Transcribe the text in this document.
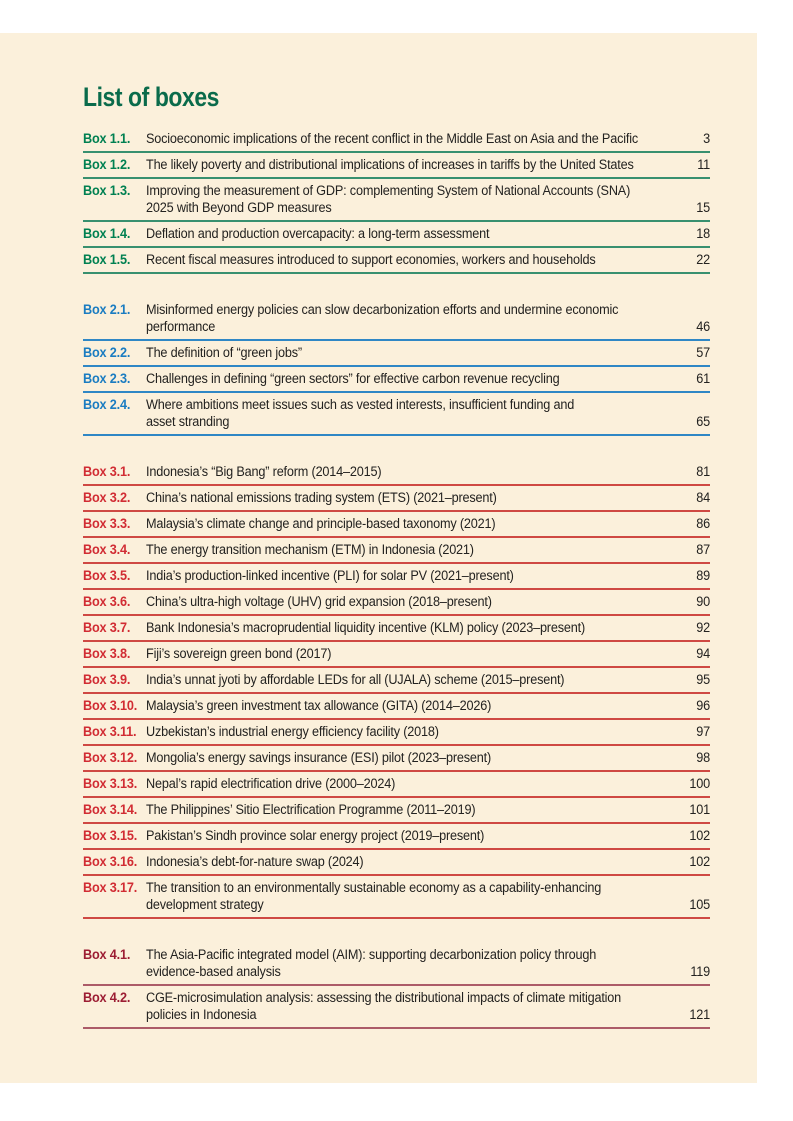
List of boxes
Box 1.1.	Socioeconomic implications of the recent conflict in the Middle East on Asia and the Pacific	3
Box 1.2.	The likely poverty and distributional implications of increases in tariffs by the United States	11
Box 1.3.	Improving the measurement of GDP: complementing System of National Accounts (SNA)
2025 with Beyond GDP measures	15
Box 1.4.	Deflation and production overcapacity: a long-term assessment	18
Box 1.5.	Recent fiscal measures introduced to support economies, workers and households	22
Box 2.1.	Misinformed energy policies can slow decarbonization efforts and undermine economic
performance	46
Box 2.2.	The definition of “green jobs”	57
Box 2.3.	Challenges in defining “green sectors” for effective carbon revenue recycling	61
Box 2.4.	Where ambitions meet issues such as vested interests, insufficient funding and
asset stranding	65
Box 3.1.	Indonesia’s “Big Bang” reform (2014–2015)	81
Box 3.2.	China’s national emissions trading system (ETS) (2021–present)	84
Box 3.3.	Malaysia’s climate change and principle-based taxonomy (2021)	86
Box 3.4.	The energy transition mechanism (ETM) in Indonesia (2021)	87
Box 3.5.	India’s production-linked incentive (PLI) for solar PV (2021–present)	89
Box 3.6.	China’s ultra-high voltage (UHV) grid expansion (2018–present)	90
Box 3.7.	Bank Indonesia’s macroprudential liquidity incentive (KLM) policy (2023–present)	92
Box 3.8.	Fiji’s sovereign green bond (2017)	94
Box 3.9.	India’s unnat jyoti by affordable LEDs for all (UJALA) scheme (2015–present)	95
Box 3.10. Malaysia’s green investment tax allowance (GITA) (2014–2026)	96
Box 3.11. Uzbekistan’s industrial energy efficiency facility (2018)	97
Box 3.12. Mongolia’s energy savings insurance (ESI) pilot (2023–present)	98
Box 3.13. Nepal’s rapid electrification drive (2000–2024)	100
Box 3.14. The Philippines’ Sitio Electrification Programme (2011–2019)	101
Box 3.15. Pakistan’s Sindh province solar energy project (2019–present)	102
Box 3.16. Indonesia’s debt-for-nature swap (2024)	102
Box 3.17. The transition to an environmentally sustainable economy as a capability-enhancing
development strategy	105
Box 4.1.	The Asia-Pacific integrated model (AIM): supporting decarbonization policy through
evidence-based analysis	119
Box 4.2.	CGE-microsimulation analysis: assessing the distributional impacts of climate mitigation
policies in Indonesia	121
